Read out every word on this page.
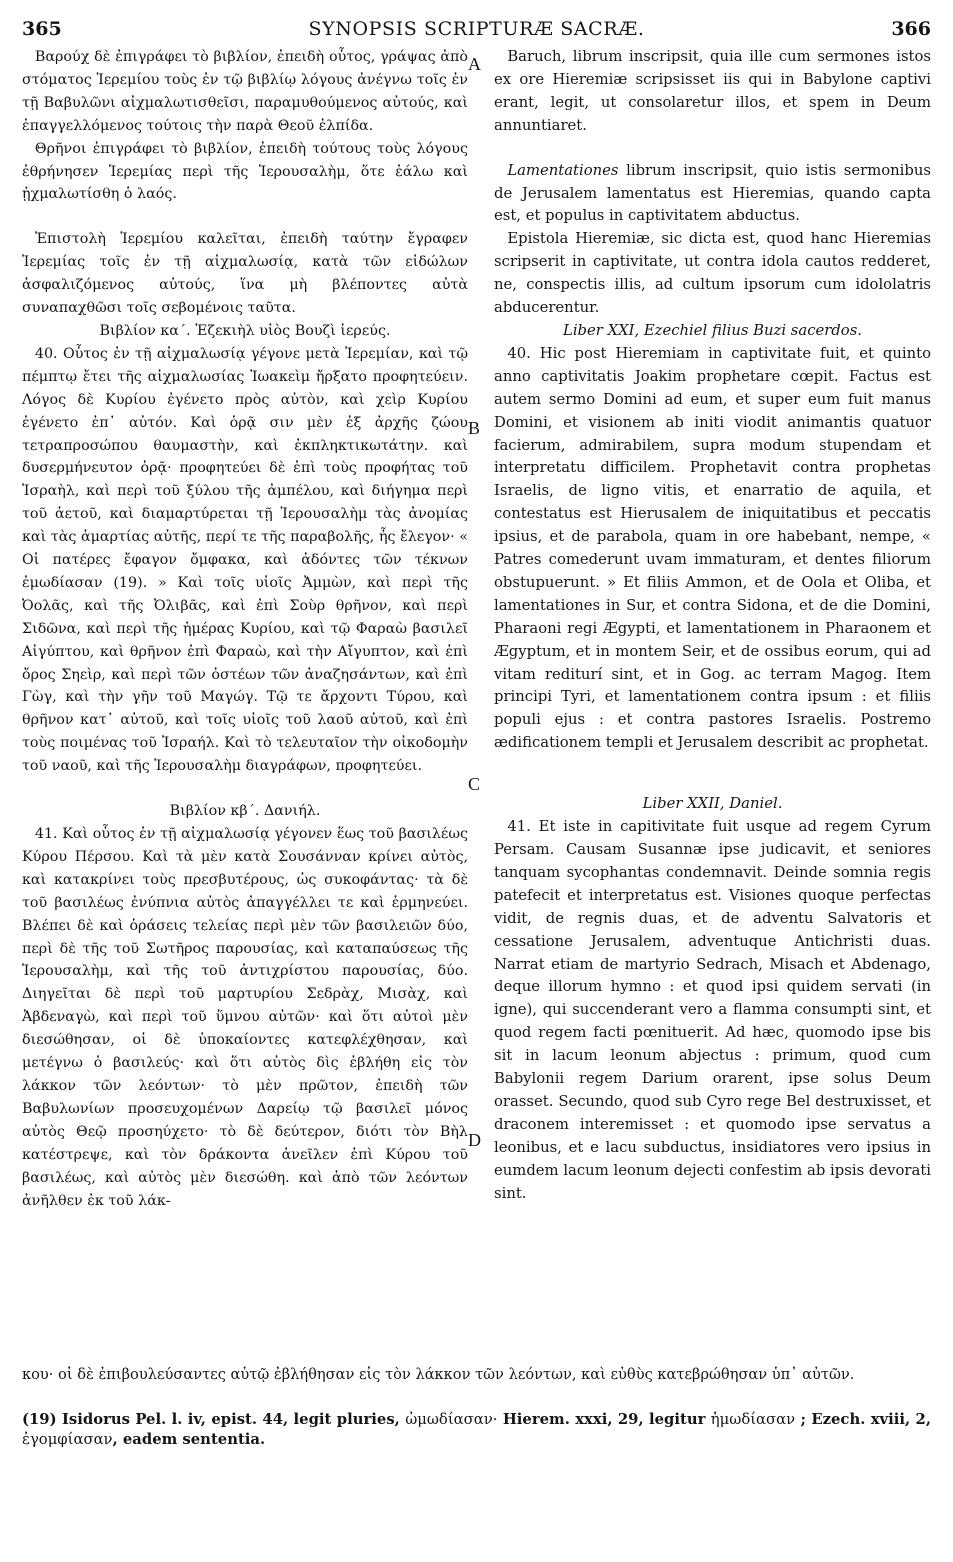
365	SYNOPSIS SCRIPTURÆ SACRÆ.	366

Βαρούχ δὲ ἐπιγράφει τὸ βιβλίον, ἐπειδὴ οὗτος, γράψας ἀπὸ στόματος Ἱερεμίου τοὺς ἐν τῷ βιβλίῳ λόγους ἀνέγνω τοῖς ἐν τῇ Βαβυλῶνι αἰχμαλωτισθεῖσι, παραμυθούμενος αὐτούς, καὶ ἐπαγγελλόμενος τούτοις τὴν παρὰ Θεοῦ ἐλπίδα.

Θρῆνοι ἐπιγράφει τὸ βιβλίον, ἐπειδὴ τούτους τοὺς λόγους ἐθρήνησεν Ἱερεμίας περὶ τῆς Ἱερουσαλὴμ, ὅτε ἑάλω καὶ ᾐχμαλωτίσθη ὁ λαός.

Ἐπιστολὴ Ἱερεμίου καλεῖται, ἐπειδὴ ταύτην ἔγραφεν Ἱερεμίας τοῖς ἐν τῇ αἰχμαλωσίᾳ, κατὰ τῶν εἰδώλων ἀσφαλιζόμενος αὐτούς, ἵνα μὴ βλέποντες αὐτὰ συναπαχθῶσι τοῖς σεβομένοις ταῦτα.

Βιβλίον κα΄. Ἐζεκιὴλ υἱὸς Βουζὶ ἱερεύς.

40. Οὗτος ἐν τῇ αἰχμαλωσίᾳ γέγονε μετὰ Ἱερεμίαν, καὶ τῷ πέμπτῳ ἔτει τῆς αἰχμαλωσίας Ἰωακεὶμ ἤρξατο προφητεύειν. Λόγος δὲ Κυρίου ἐγένετο πρὸς αὐτὸν, καὶ χεὶρ Κυρίου ἐγένετο ἐπ᾽ αὐτόν. Καὶ ὁρᾷ σιν μὲν ἐξ ἀρχῆς ζώου τετραπροσώπου θαυμαστὴν, καὶ ἐκπληκτικωτάτην. καὶ δυσερμήνευτον ὁρᾷ· προφητεύει δὲ ἐπὶ τοὺς προφήτας τοῦ Ἰσραὴλ, καὶ περὶ τοῦ ξύλου τῆς ἀμπέλου, καὶ διήγημα περὶ τοῦ ἀετοῦ, καὶ διαμαρτύρεται τῇ Ἱερουσαλὴμ τὰς ἀνομίας καὶ τὰς ἁμαρτίας αὐτῆς, περί τε τῆς παραβολῆς, ἧς ἔλεγον· « Οἱ πατέρες ἔφαγον ὄμφακα, καὶ ἀδόντες τῶν τέκνων ἐμωδίασαν (19). » Καὶ τοῖς υἱοῖς Ἀμμὼν, καὶ περὶ τῆς Ὀολᾶς, καὶ τῆς Ὀλιβᾶς, καὶ ἐπὶ Σοὺρ θρῆνον, καὶ περὶ Σιδῶνα, καὶ περὶ τῆς ἡμέρας Κυρίου, καὶ τῷ Φαραὼ βασιλεῖ Αἰγύπτου, καὶ θρῆνον ἐπὶ Φαραὼ, καὶ τὴν Αἴγυπτον, καὶ ἐπὶ ὄρος Σηεὶρ, καὶ περὶ τῶν ὀστέων τῶν ἀναζησάντων, καὶ ἐπὶ Γὼγ, καὶ τὴν γῆν τοῦ Μαγώγ. Τῷ τε ἄρχοντι Τύρου, καὶ θρῆνον κατ᾽ αὐτοῦ, καὶ τοῖς υἱοῖς τοῦ λαοῦ αὐτοῦ, καὶ ἐπὶ τοὺς ποιμένας τοῦ Ἰσραήλ. Καὶ τὸ τελευταῖον τὴν οἰκοδομὴν τοῦ ναοῦ, καὶ τῆς Ἱερουσαλὴμ διαγράφων, προφητεύει.

Βιβλίον κβ΄. Δανιήλ.

41. Καὶ οὗτος ἐν τῇ αἰχμαλωσίᾳ γέγονεν ἕως τοῦ βασιλέως Κύρου Πέρσου. Καὶ τὰ μὲν κατὰ Σουσάνναν κρίνει αὐτὸς, καὶ κατακρίνει τοὺς πρεσβυτέρους, ὡς συκοφάντας· τὰ δὲ τοῦ βασιλέως ἐνύπνια αὐτὸς ἀπαγγέλλει τε καὶ ἑρμηνεύει. Βλέπει δὲ καὶ ὁράσεις τελείας περὶ μὲν τῶν βασιλειῶν δύο, περὶ δὲ τῆς τοῦ Σωτῆρος παρουσίας, καὶ καταπαύσεως τῆς Ἱερουσαλὴμ, καὶ τῆς τοῦ ἀντιχρίστου παρουσίας, δύο. Διηγεῖται δὲ περὶ τοῦ μαρτυρίου Σεδρὰχ, Μισὰχ, καὶ Ἀβδεναγὼ, καὶ περὶ τοῦ ὕμνου αὐτῶν· καὶ ὅτι αὐτοὶ μὲν διεσώθησαν, οἱ δὲ ὑποκαίοντες κατεφλέχθησαν, καὶ μετέγνω ὁ βασιλεύς· καὶ ὅτι αὐτὸς δὶς ἐβλήθη εἰς τὸν λάκκον τῶν λεόντων· τὸ μὲν πρῶτον, ἐπειδὴ τῶν Βαβυλωνίων προσευχομένων Δαρείῳ τῷ βασιλεῖ μόνος αὐτὸς Θεῷ προσηύχετο· τὸ δὲ δεύτερον, διότι τὸν Βὴλ κατέστρεψε, καὶ τὸν δράκοντα ἀνεῖλεν ἐπὶ Κύρου τοῦ βασιλέως, καὶ αὐτὸς μὲν διεσώθη. καὶ ἀπὸ τῶν λεόντων ἀνῆλθεν ἐκ τοῦ λάκ-

A
B
C
D

Baruch, librum inscripsit, quia ille cum sermones istos ex ore Hieremiæ scripsisset iis qui in Babylone captivi erant, legit, ut consolaretur illos, et spem in Deum annuntiaret.

Lamentationes librum inscripsit, quio istis sermonibus de Jerusalem lamentatus est Hieremias, quando capta est, et populus in captivitatem abductus.

Epistola Hieremiæ, sic dicta est, quod hanc Hieremias scripserit in captivitate, ut contra idola cautos redderet, ne, conspectis illis, ad cultum ipsorum cum idololatris abducerentur.

Liber XXI, Ezechiel filius Buzi sacerdos.

40. Hic post Hieremiam in captivitate fuit, et quinto anno captivitatis Joakim prophetare cœpit. Factus est autem sermo Domini ad eum, et super eum fuit manus Domini, et visionem ab initi viodit animantis quatuor facierum, admirabilem, supra modum stupendam et interpretatu difficilem. Prophetavit contra prophetas Israelis, de ligno vitis, et enarratio de aquila, et contestatus est Hierusalem de iniquitatibus et peccatis ipsius, et de parabola, quam in ore habebant, nempe, « Patres comederunt uvam immaturam, et dentes filiorum obstupuerunt. » Et filiis Ammon, et de Oola et Oliba, et lamentationes in Sur, et contra Sidona, et de die Domini, Pharaoni regi Ægypti, et lamentationem in Pharaonem et Ægyptum, et in montem Seir, et de ossibus eorum, qui ad vitam rediturí sint, et in Gog. ac terram Magog. Item principi Tyri, et lamentationem contra ipsum : et filiis populi ejus : et contra pastores Israelis. Postremo ædificationem templi et Jerusalem describit ac prophetat.

Liber XXII, Daniel.

41. Et iste in capitivitate fuit usque ad regem Cyrum Persam. Causam Susannæ ipse judicavit, et seniores tanquam sycophantas condemnavit. Deinde somnia regis patefecit et interpretatus est. Visiones quoque perfectas vidit, de regnis duas, et de adventu Salvatoris et cessatione Jerusalem, adventuque Antichristi duas. Narrat etiam de martyrio Sedrach, Misach et Abdenago, deque illorum hymno : et quod ipsi quidem servati (in igne), qui succenderant vero a flamma consumpti sint, et quod regem facti pœnituerit. Ad hæc, quomodo ipse bis sit in lacum leonum abjectus : primum, quod cum Babylonii regem Darium orarent, ipse solus Deum orasset. Secundo, quod sub Cyro rege Bel destruxisset, et draconem interemisset : et quomodo ipse servatus a leonibus, et e lacu subductus, insidiatores vero ipsius in eumdem lacum leonum dejecti confestim ab ipsis devorati sint.

κου· οἱ δὲ ἐπιβουλεύσαντες αὐτῷ ἐβλήθησαν εἰς τὸν λάκκον τῶν λεόντων, καὶ εὐθὺς κατεβρώθησαν ὑπ᾽ αὐτῶν.
(19) Isidorus Pel. l. iv, epist. 44, legit pluries, ὠμωδίασαν· Hierem. xxxi, 29, legitur ἡμωδίασαν ; Ezech. xviii, 2, ἐγομφίασαν, eadem sententia.
